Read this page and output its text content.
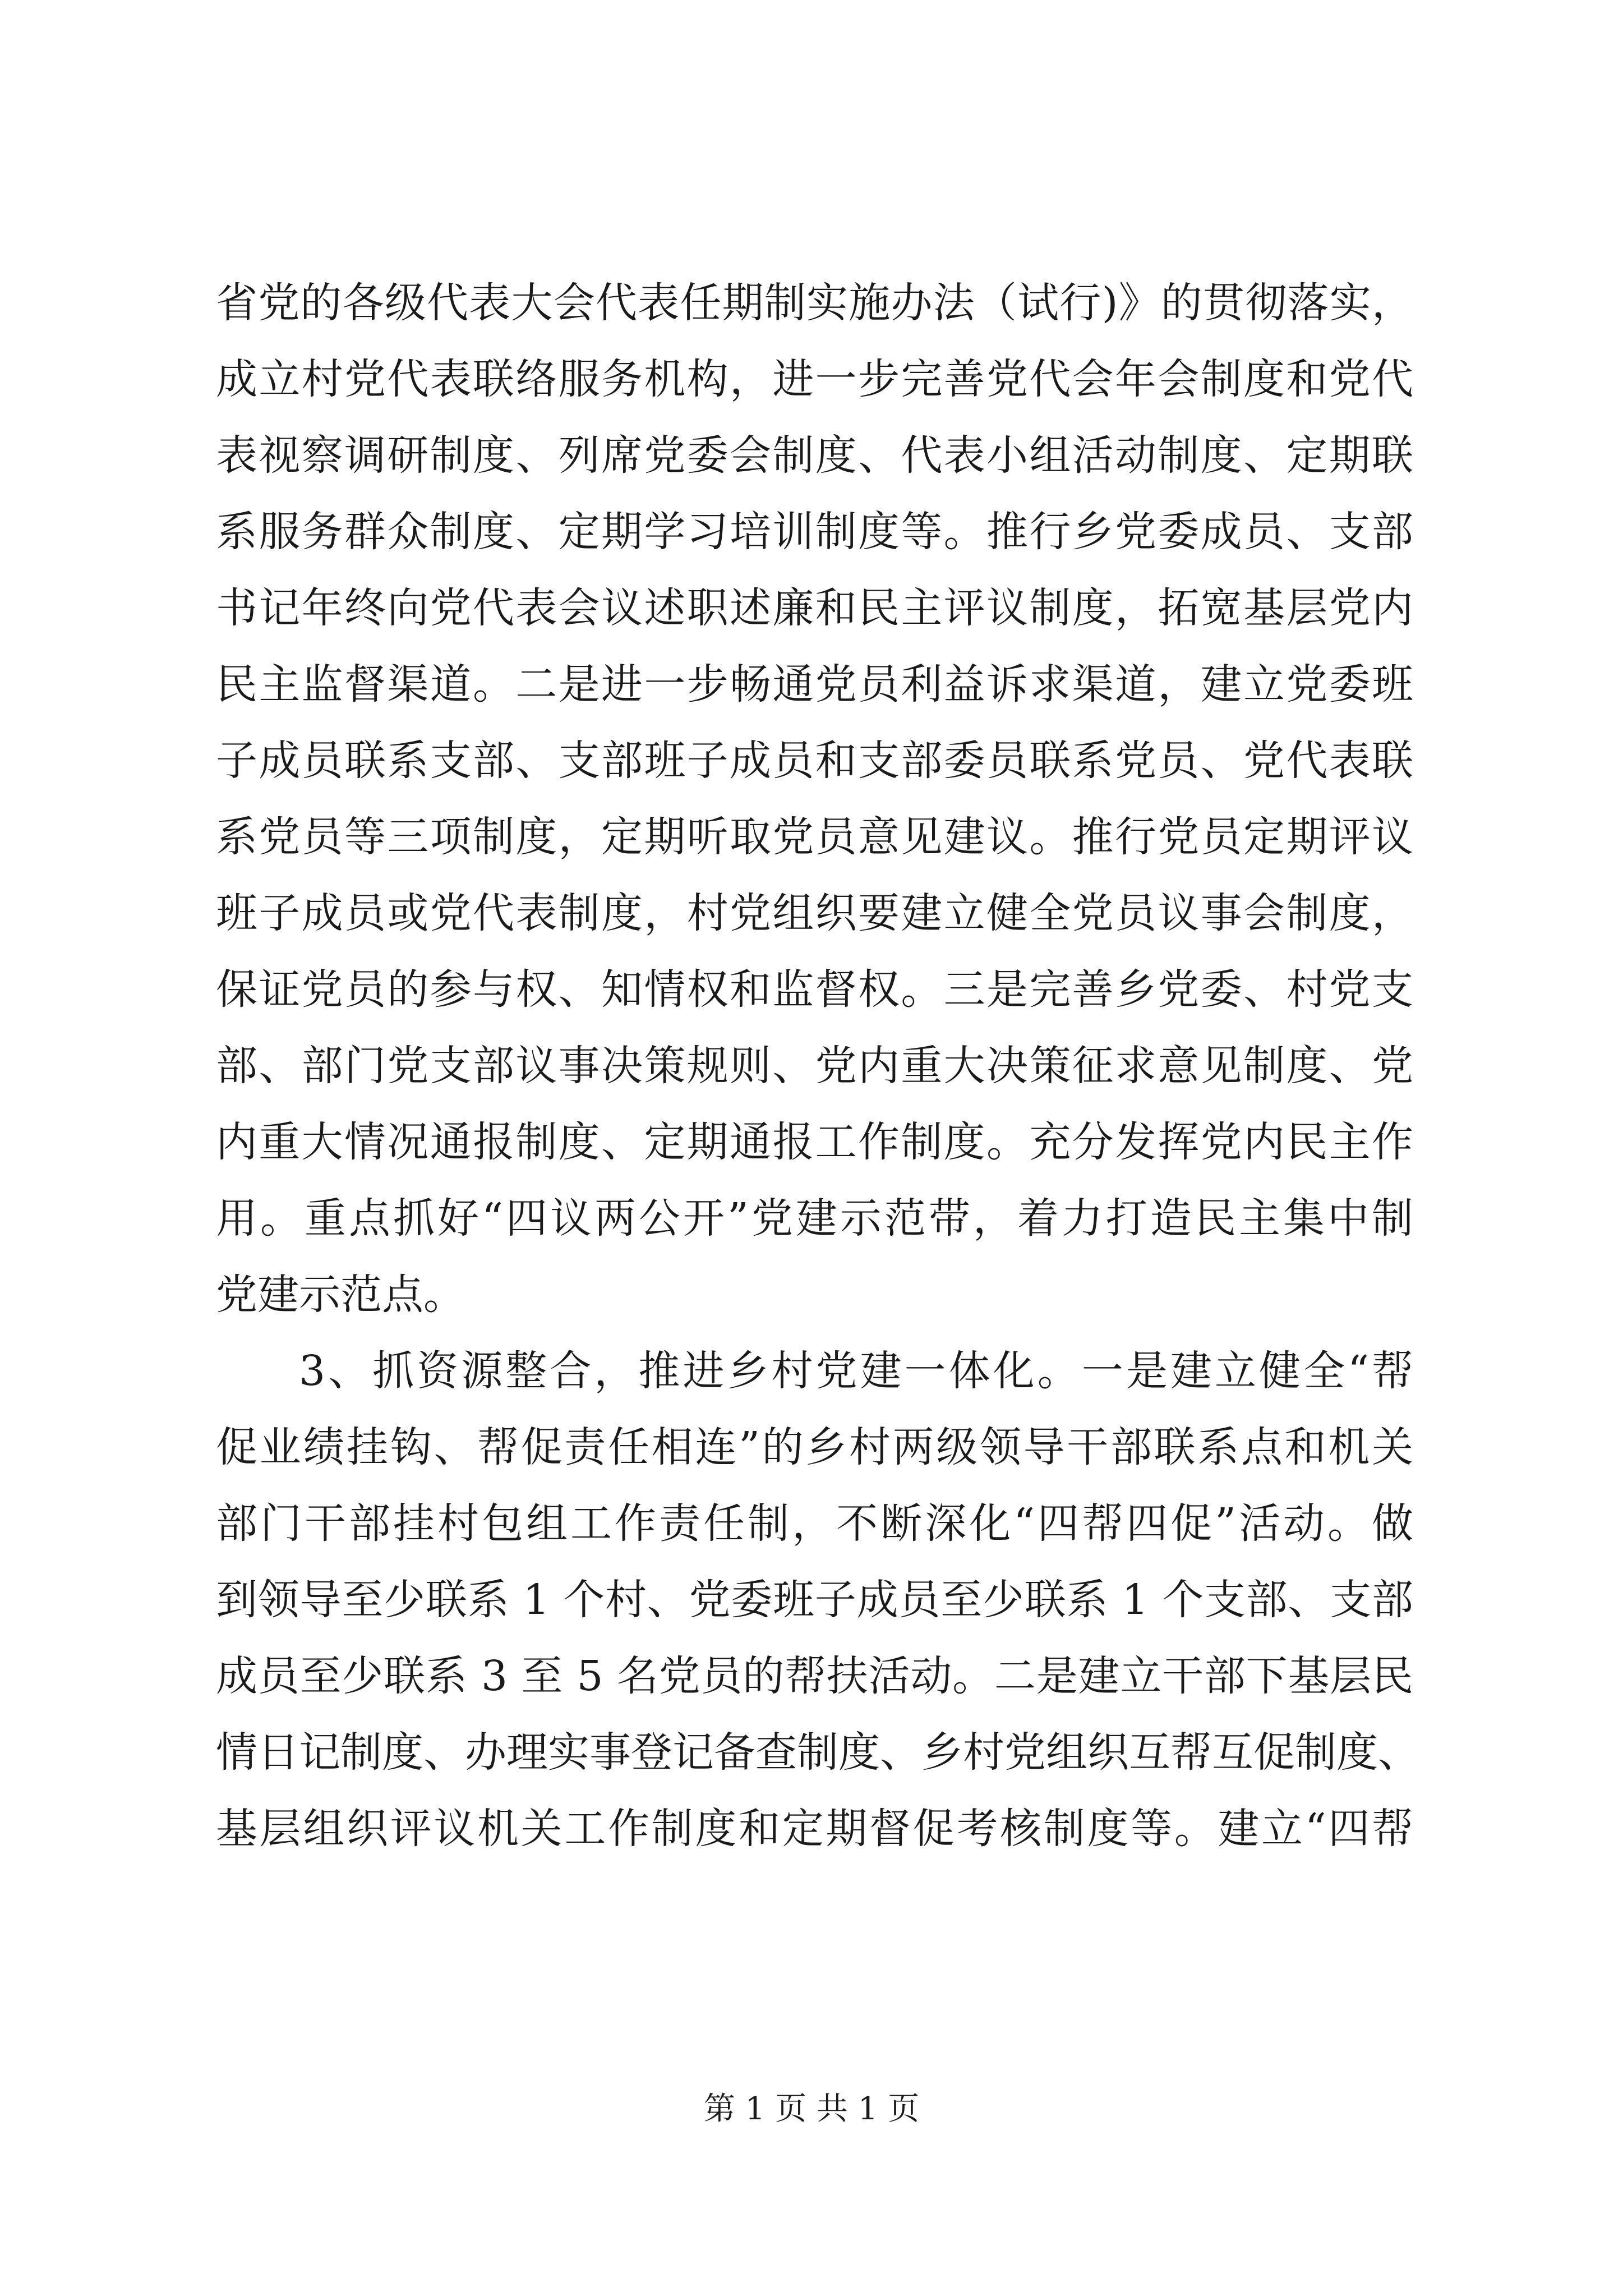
省党的各级代表大会代表任期制实施办法（试行)》的贯彻落实，
成立村党代表联络服务机构，进一步完善党代会年会制度和党代
表视察调研制度、列席党委会制度、代表小组活动制度、定期联
系服务群众制度、定期学习培训制度等。推行乡党委成员、支部
书记年终向党代表会议述职述廉和民主评议制度，拓宽基层党内
民主监督渠道。二是进一步畅通党员利益诉求渠道，建立党委班
子成员联系支部、支部班子成员和支部委员联系党员、党代表联
系党员等三项制度，定期听取党员意见建议。推行党员定期评议
班子成员或党代表制度，村党组织要建立健全党员议事会制度，
保证党员的参与权、知情权和监督权。三是完善乡党委、村党支
部、部门党支部议事决策规则、党内重大决策征求意见制度、党
内重大情况通报制度、定期通报工作制度。充分发挥党内民主作
用。重点抓好“四议两公开”党建示范带，着力打造民主集中制
党建示范点。
3、抓资源整合，推进乡村党建一体化。一是建立健全“帮
促业绩挂钩、帮促责任相连”的乡村两级领导干部联系点和机关
部门干部挂村包组工作责任制，不断深化“四帮四促”活动。做
到领导至少联系 1 个村、党委班子成员至少联系 1 个支部、支部
成员至少联系 3 至 5 名党员的帮扶活动。二是建立干部下基层民
情日记制度、办理实事登记备查制度、乡村党组织互帮互促制度、
基层组织评议机关工作制度和定期督促考核制度等。建立“四帮
第 1 页 共 1 页
